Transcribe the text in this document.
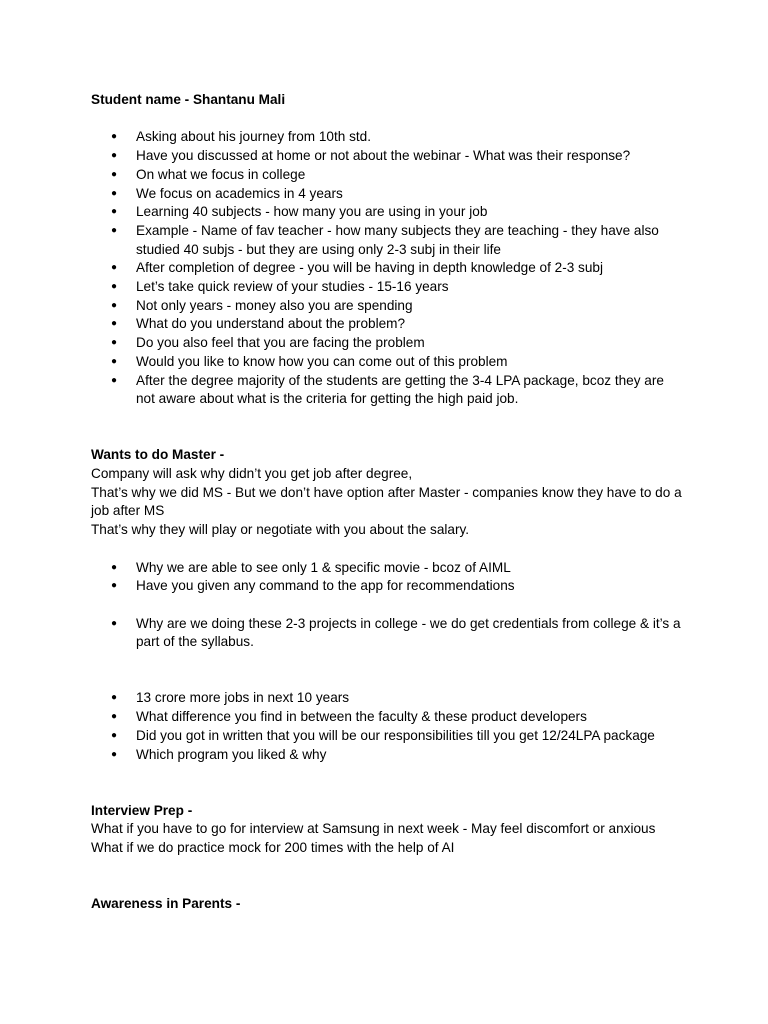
Student name - Shantanu Mali

● Asking about his journey from 10th std.
● Have you discussed at home or not about the webinar - What was their response?
● On what we focus in college
● We focus on academics in 4 years
● Learning 40 subjects - how many you are using in your job
● Example - Name of fav teacher - how many subjects they are teaching - they have also studied 40 subjs - but they are using only 2-3 subj in their life
● After completion of degree - you will be having in depth knowledge of 2-3 subj
● Let’s take quick review of your studies - 15-16 years
● Not only years - money also you are spending
● What do you understand about the problem?
● Do you also feel that you are facing the problem
● Would you like to know how you can come out of this problem
● After the degree majority of the students are getting the 3-4 LPA package, bcoz they are not aware about what is the criteria for getting the high paid job.

Wants to do Master -

Company will ask why didn’t you get job after degree,

That’s why we did MS - But we don’t have option after Master - companies know they have to do a job after MS

That’s why they will play or negotiate with you about the salary.

● Why we are able to see only 1 & specific movie - bcoz of AIML
● Have you given any command to the app for recommendations
● Why are we doing these 2-3 projects in college - we do get credentials from college & it’s a part of the syllabus.
● 13 crore more jobs in next 10 years
● What difference you find in between the faculty & these product developers
● Did you got in written that you will be our responsibilities till you get 12/24LPA package
● Which program you liked & why

Interview Prep -

What if you have to go for interview at Samsung in next week - May feel discomfort or anxious

What if we do practice mock for 200 times with the help of AI

Awareness in Parents -
